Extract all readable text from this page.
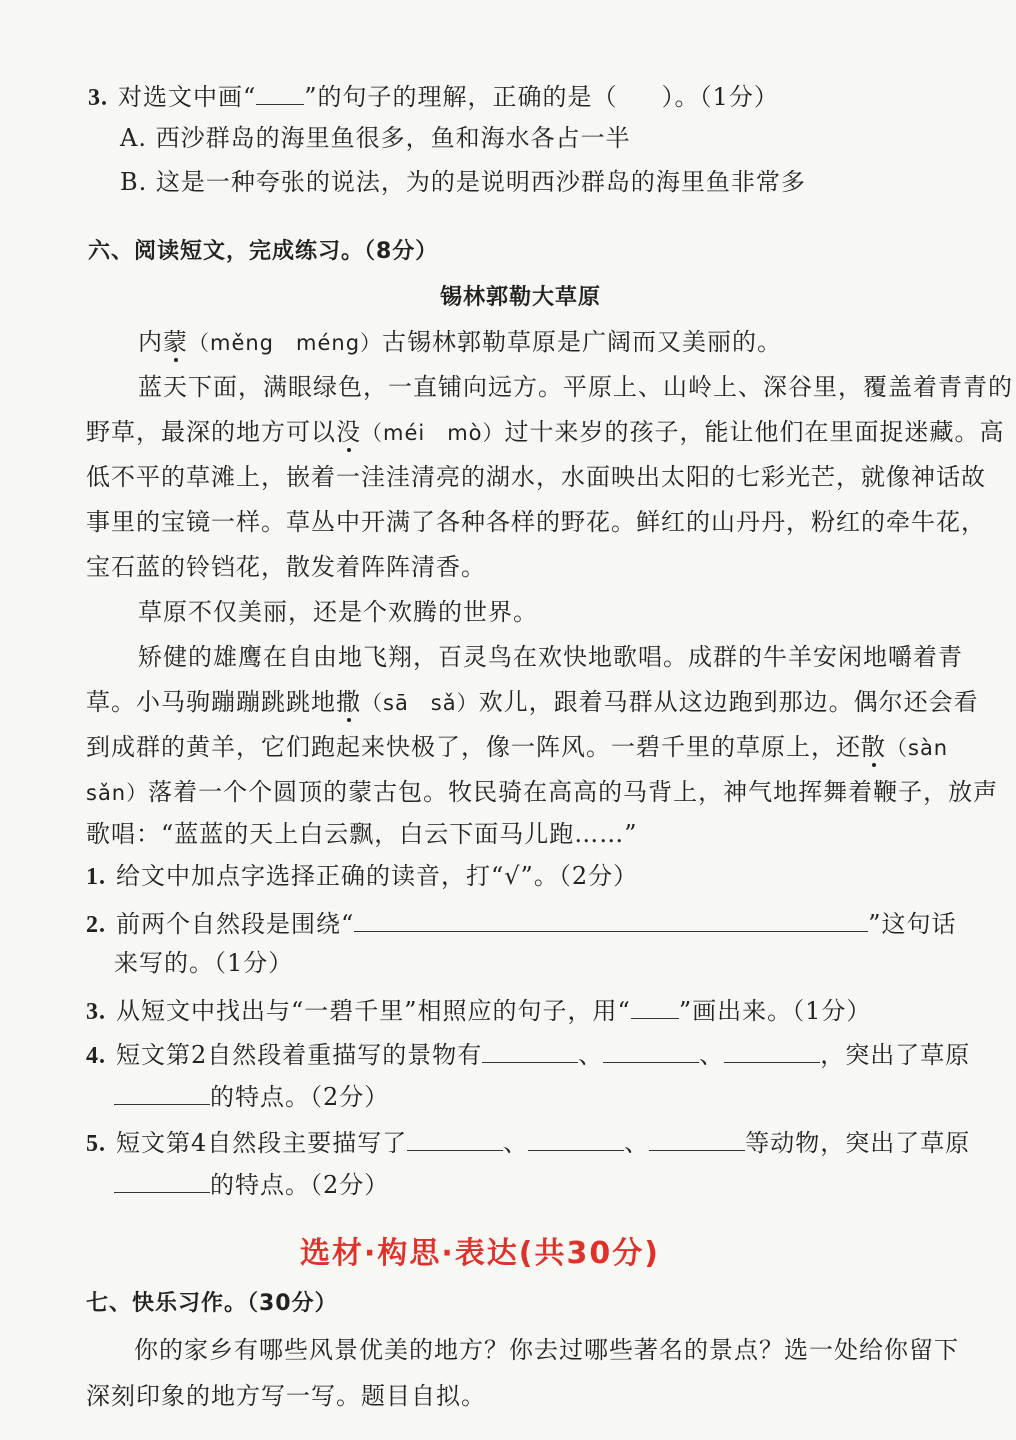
3. 对选文中画“ ”的句子的理解，正确的是（ ）。（1分）
A. 西沙群岛的海里鱼很多，鱼和海水各占一半
B. 这是一种夸张的说法，为的是说明西沙群岛的海里鱼非常多
六、阅读短文，完成练习。（8分）
锡林郭勒大草原
内蒙（měng　méng）古锡林郭勒草原是广阔而又美丽的。
蓝天下面，满眼绿色，一直铺向远方。平原上、山岭上、深谷里，覆盖着青青的
野草，最深的地方可以没（méi　mò）过十来岁的孩子，能让他们在里面捉迷藏。高
低不平的草滩上，嵌着一洼洼清亮的湖水，水面映出太阳的七彩光芒，就像神话故
事里的宝镜一样。草丛中开满了各种各样的野花。鲜红的山丹丹，粉红的牵牛花，
宝石蓝的铃铛花，散发着阵阵清香。
草原不仅美丽，还是个欢腾的世界。
矫健的雄鹰在自由地飞翔，百灵鸟在欢快地歌唱。成群的牛羊安闲地嚼着青
草。小马驹蹦蹦跳跳地撒（sā　sǎ）欢儿，跟着马群从这边跑到那边。偶尔还会看
到成群的黄羊，它们跑起来快极了，像一阵风。一碧千里的草原上，还散（sàn
sǎn）落着一个个圆顶的蒙古包。牧民骑在高高的马背上，神气地挥舞着鞭子，放声
歌唱：“蓝蓝的天上白云飘，白云下面马儿跑……”
1. 给文中加点字选择正确的读音，打“√”。（2分）
2. 前两个自然段是围绕“	”这句话
来写的。（1分）
3. 从短文中找出与“一碧千里”相照应的句子，用“ ”画出来。（1分）
4. 短文第2自然段着重描写的景物有	、	、	，突出了草原
的特点。（2分）
5. 短文第4自然段主要描写了	、	、	等动物，突出了草原
的特点。（2分）
选材·构思·表达(共30分)
七、快乐习作。（30分）
你的家乡有哪些风景优美的地方？你去过哪些著名的景点？选一处给你留下
深刻印象的地方写一写。题目自拟。
